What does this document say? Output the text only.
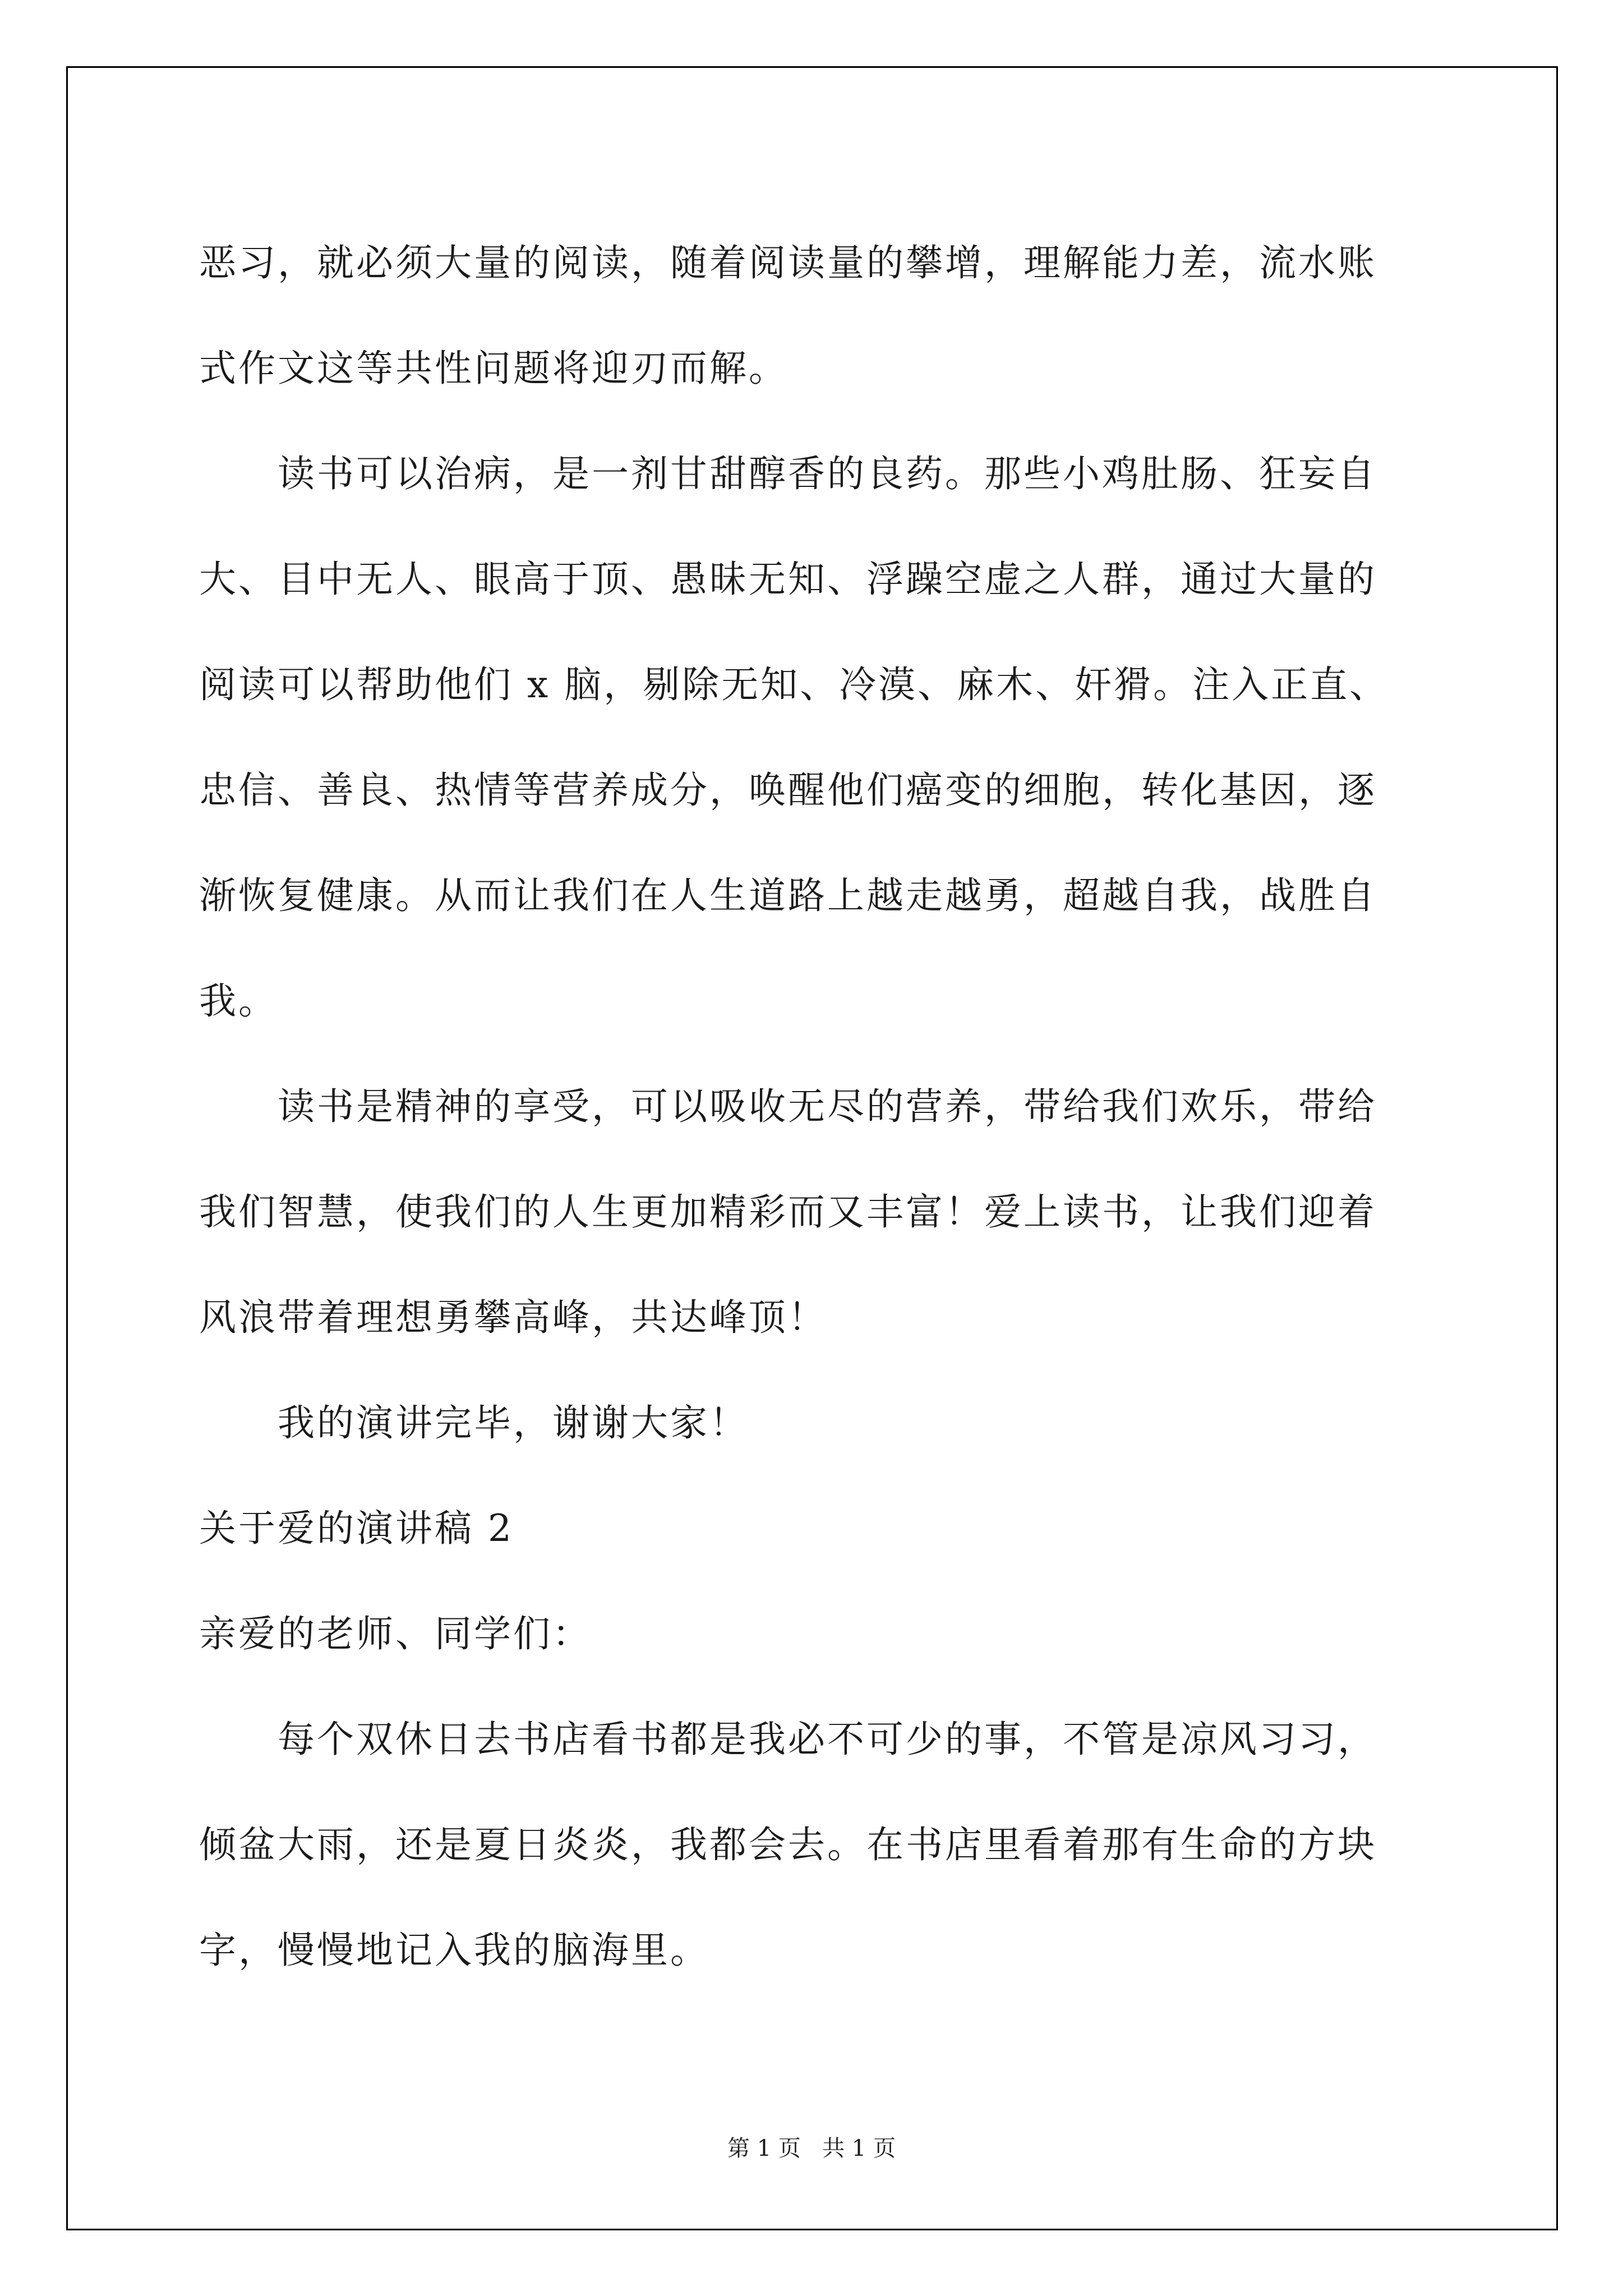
恶习，就必须大量的阅读，随着阅读量的攀增，理解能力差，流水账
式作文这等共性问题将迎刃而解。
读书可以治病，是一剂甘甜醇香的良药。那些小鸡肚肠、狂妄自
大、目中无人、眼高于顶、愚昧无知、浮躁空虚之人群，通过大量的
阅读可以帮助他们 x 脑，剔除无知、冷漠、麻木、奸猾。注入正直、
忠信、善良、热情等营养成分，唤醒他们癌变的细胞，转化基因，逐
渐恢复健康。从而让我们在人生道路上越走越勇，超越自我，战胜自
我。
读书是精神的享受，可以吸收无尽的营养，带给我们欢乐，带给
我们智慧，使我们的人生更加精彩而又丰富！爱上读书，让我们迎着
风浪带着理想勇攀高峰，共达峰顶！
我的演讲完毕，谢谢大家！
关于爱的演讲稿 2
亲爱的老师、同学们：
每个双休日去书店看书都是我必不可少的事，不管是凉风习习，
倾盆大雨，还是夏日炎炎，我都会去。在书店里看着那有生命的方块
字，慢慢地记入我的脑海里。
第 1 页   共 1 页
